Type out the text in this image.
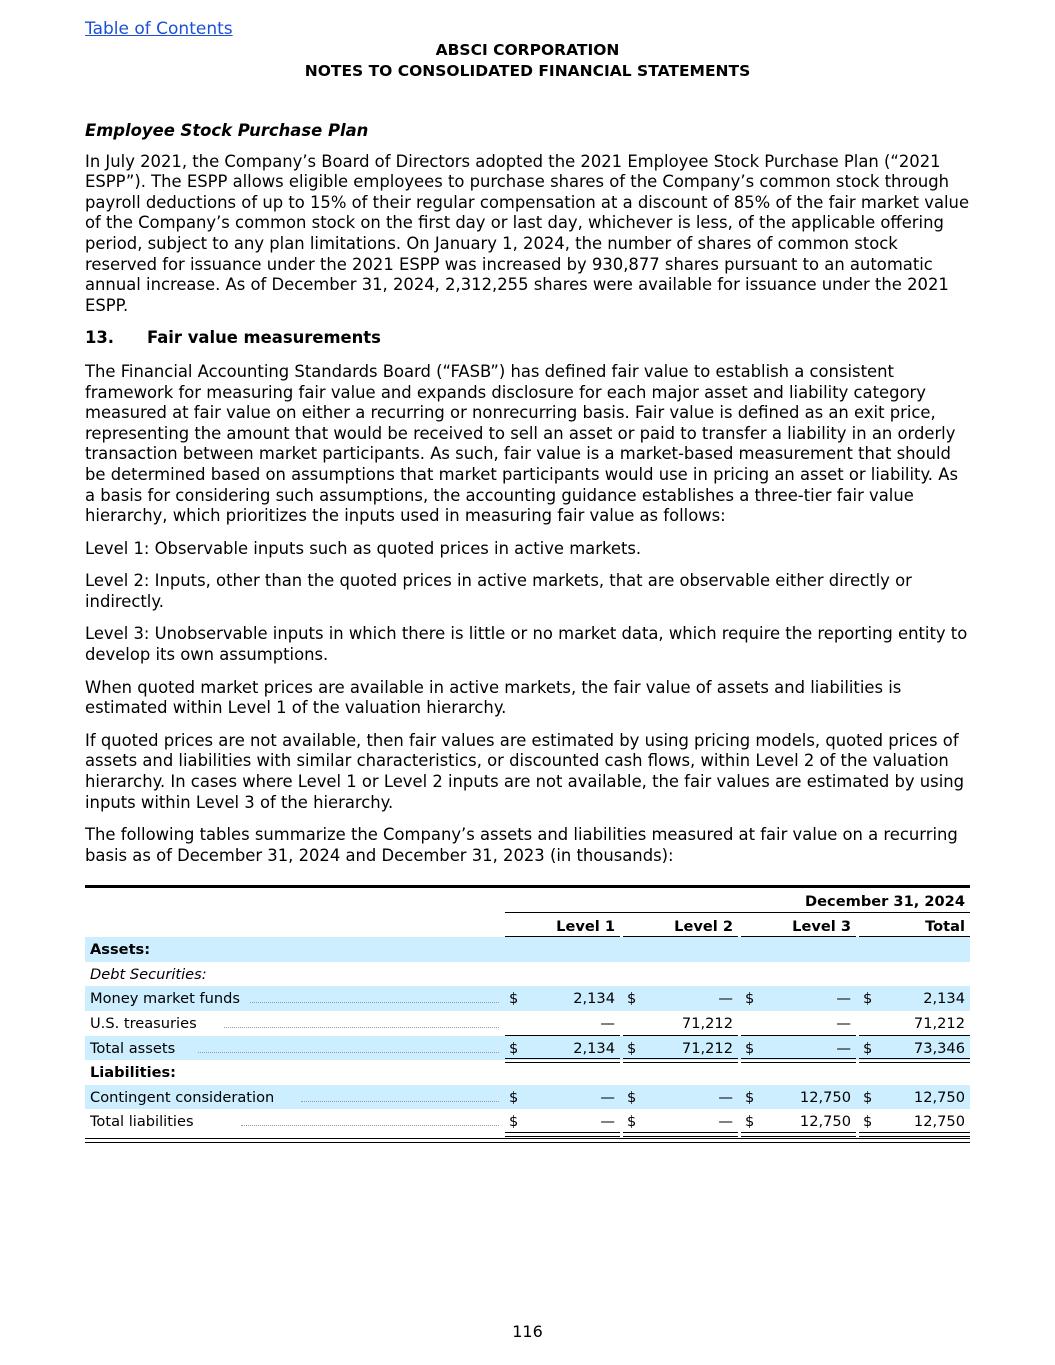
Table of Contents
ABSCI CORPORATION
NOTES TO CONSOLIDATED FINANCIAL STATEMENTS
Employee Stock Purchase Plan

In July 2021, the Company’s Board of Directors adopted the 2021 Employee Stock Purchase Plan (“2021 ESPP”). The ESPP allows eligible employees to purchase shares of the Company’s common stock through payroll deductions of up to 15% of their regular compensation at a discount of 85% of the fair market value of the Company’s common stock on the first day or last day, whichever is less, of the applicable offering period, subject to any plan limitations. On January 1, 2024, the number of shares of common stock reserved for issuance under the 2021 ESPP was increased by 930,877 shares pursuant to an automatic annual increase. As of December 31, 2024, 2,312,255 shares were available for issuance under the 2021 ESPP.

13. Fair value measurements

The Financial Accounting Standards Board (“FASB”) has defined fair value to establish a consistent framework for measuring fair value and expands disclosure for each major asset and liability category measured at fair value on either a recurring or nonrecurring basis. Fair value is defined as an exit price, representing the amount that would be received to sell an asset or paid to transfer a liability in an orderly transaction between market participants. As such, fair value is a market-based measurement that should be determined based on assumptions that market participants would use in pricing an asset or liability. As a basis for considering such assumptions, the accounting guidance establishes a three-tier fair value hierarchy, which prioritizes the inputs used in measuring fair value as follows:

Level 1: Observable inputs such as quoted prices in active markets.

Level 2: Inputs, other than the quoted prices in active markets, that are observable either directly or indirectly.

Level 3: Unobservable inputs in which there is little or no market data, which require the reporting entity to develop its own assumptions.

When quoted market prices are available in active markets, the fair value of assets and liabilities is estimated within Level 1 of the valuation hierarchy.

If quoted prices are not available, then fair values are estimated by using pricing models, quoted prices of assets and liabilities with similar characteristics, or discounted cash flows, within Level 2 of the valuation hierarchy. In cases where Level 1 or Level 2 inputs are not available, the fair values are estimated by using inputs within Level 3 of the hierarchy.

The following tables summarize the Company’s assets and liabilities measured at fair value on a recurring basis as of December 31, 2024 and December 31, 2023 (in thousands):

December 31, 2024
Level 1	Level 2	Level 3	Total
Assets:
Debt Securities:
Money market funds	$	2,134 $	— $	— $	2,134
U.S. treasuries	—	71,212	—	71,212
Total assets	$	2,134 $	71,212 $	— $	73,346
Liabilities:
Contingent consideration	$	— $	— $	12,750 $	12,750
Total liabilities	$	— $	— $	12,750 $	12,750
116
